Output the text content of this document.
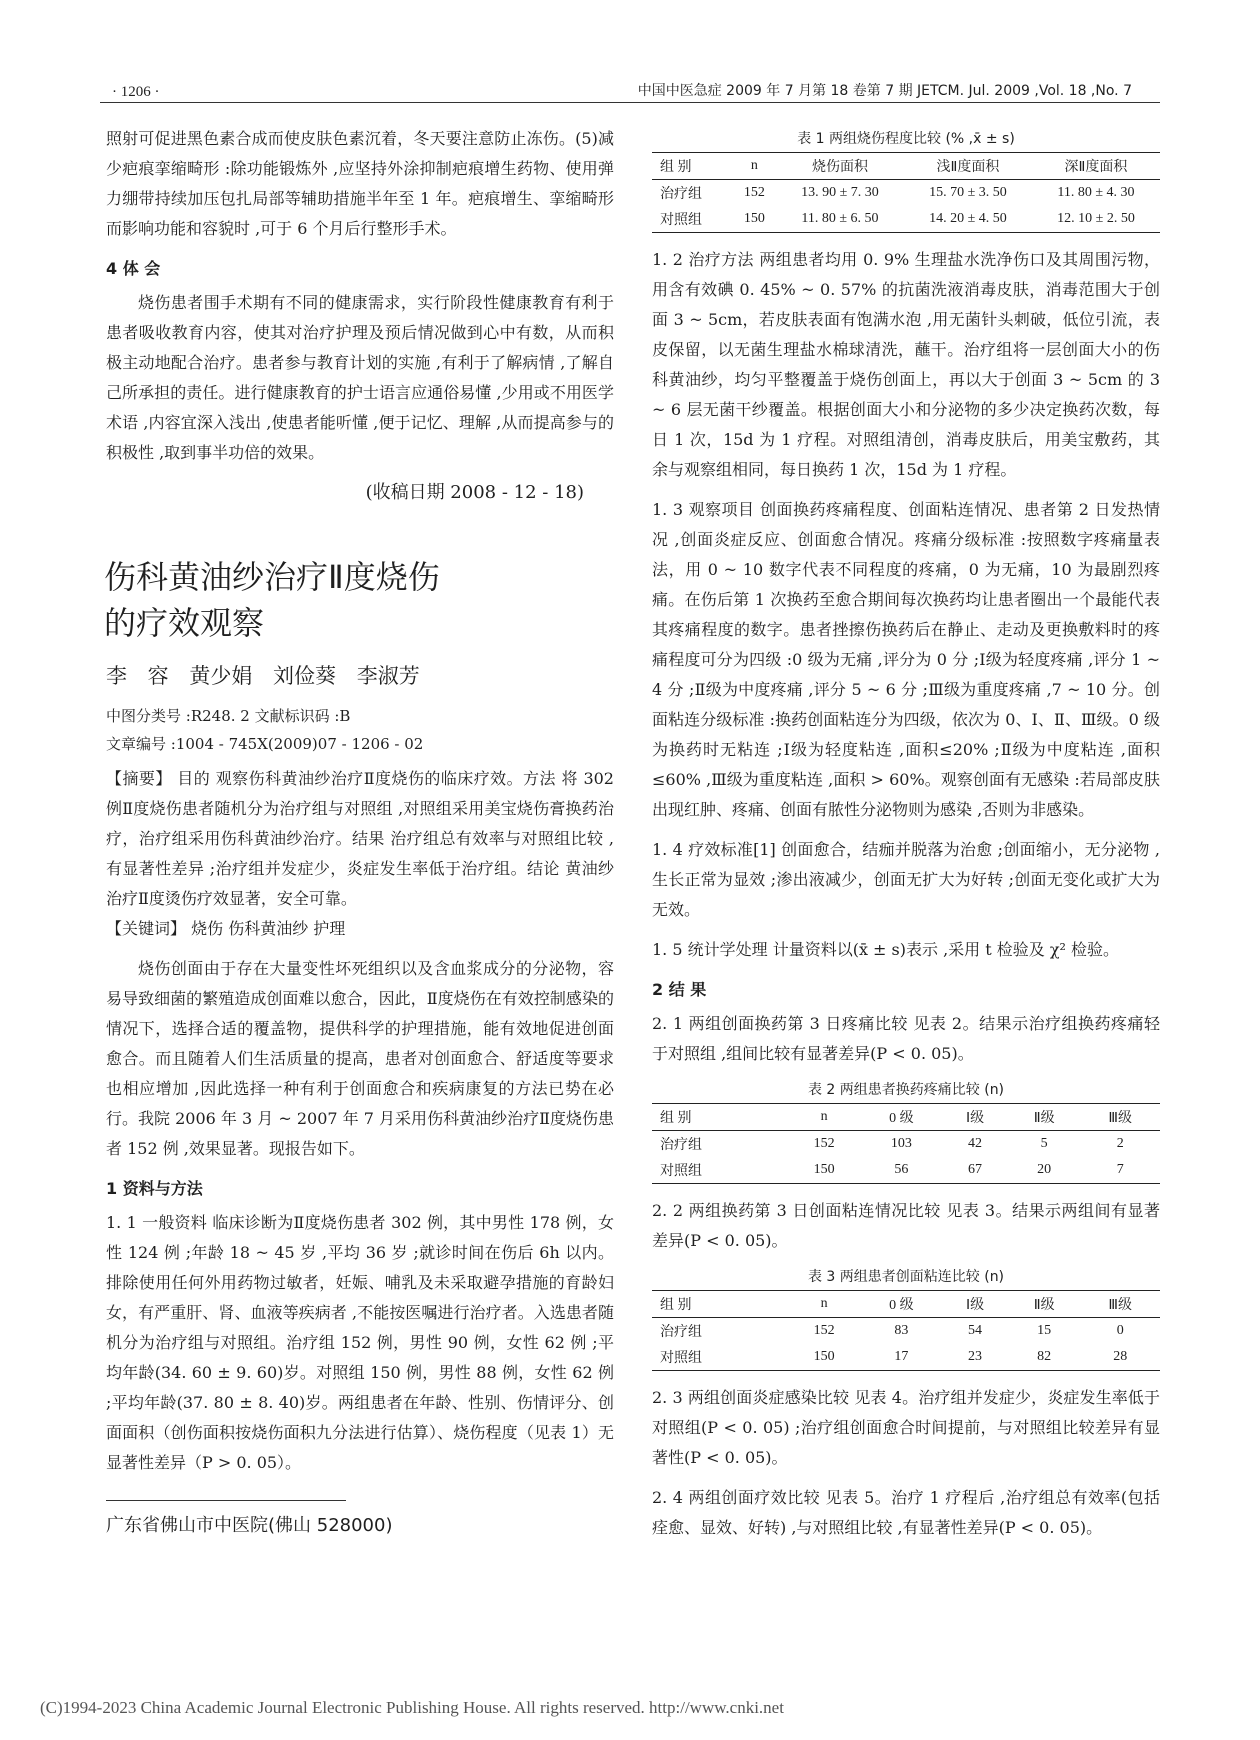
· 1206 ·	中国中医急症 2009 年 7 月第 18 卷第 7 期 JETCM. Jul. 2009 ,Vol. 18 ,No. 7

照射可促进黑色素合成而使皮肤色素沉着，冬天要注意防止冻伤。(5)减少疤痕挛缩畸形 :除功能锻炼外 ,应坚持外涂抑制疤痕增生药物、使用弹力绷带持续加压包扎局部等辅助措施半年至 1 年。疤痕增生、挛缩畸形而影响功能和容貌时 ,可于 6 个月后行整形手术。

4 体 会

烧伤患者围手术期有不同的健康需求，实行阶段性健康教育有利于患者吸收教育内容，使其对治疗护理及预后情况做到心中有数，从而积极主动地配合治疗。患者参与教育计划的实施 ,有利于了解病情 ,了解自己所承担的责任。进行健康教育的护士语言应通俗易懂 ,少用或不用医学术语 ,内容宜深入浅出 ,使患者能听懂 ,便于记忆、理解 ,从而提高参与的积极性 ,取到事半功倍的效果。

(收稿日期 2008 - 12 - 18)
伤科黄油纱治疗Ⅱ度烧伤
的疗效观察
李 容 黄少娟 刘俭葵 李淑芳

中图分类号 :R248. 2 文献标识码 :B

文章编号 :1004 - 745X(2009)07 - 1206 - 02

【摘要】 目的 观察伤科黄油纱治疗Ⅱ度烧伤的临床疗效。方法 将 302 例Ⅱ度烧伤患者随机分为治疗组与对照组 ,对照组采用美宝烧伤膏换药治疗，治疗组采用伤科黄油纱治疗。结果 治疗组总有效率与对照组比较 ,有显著性差异 ;治疗组并发症少，炎症发生率低于治疗组。结论 黄油纱治疗Ⅱ度烫伤疗效显著，安全可靠。

【关键词】 烧伤 伤科黄油纱 护理

烧伤创面由于存在大量变性坏死组织以及含血浆成分的分泌物，容易导致细菌的繁殖造成创面难以愈合，因此，Ⅱ度烧伤在有效控制感染的情况下，选择合适的覆盖物，提供科学的护理措施，能有效地促进创面愈合。而且随着人们生活质量的提高，患者对创面愈合、舒适度等要求也相应增加 ,因此选择一种有利于创面愈合和疾病康复的方法已势在必行。我院 2006 年 3 月 ~ 2007 年 7 月采用伤科黄油纱治疗Ⅱ度烧伤患者 152 例 ,效果显著。现报告如下。

1 资料与方法

1. 1 一般资料 临床诊断为Ⅱ度烧伤患者 302 例，其中男性 178 例，女性 124 例 ;年龄 18 ~ 45 岁 ,平均 36 岁 ;就诊时间在伤后 6h 以内。排除使用任何外用药物过敏者，妊娠、哺乳及未采取避孕措施的育龄妇女，有严重肝、肾、血液等疾病者 ,不能按医嘱进行治疗者。入选患者随机分为治疗组与对照组。治疗组 152 例，男性 90 例，女性 62 例 ;平均年龄(34. 60 ± 9. 60)岁。对照组 150 例，男性 88 例，女性 62 例 ;平均年龄(37. 80 ± 8. 40)岁。两组患者在年龄、性别、伤情评分、创面面积（创伤面积按烧伤面积九分法进行估算）、烧伤程度（见表 1）无显著性差异（P > 0. 05）。

广东省佛山市中医院(佛山 528000)

表 1 两组烧伤程度比较 (% ,x̄ ± s)
组 别	n	烧伤面积	浅Ⅱ度面积	深Ⅱ度面积
治疗组	152	13. 90 ± 7. 30	15. 70 ± 3. 50	11. 80 ± 4. 30
对照组	150	11. 80 ± 6. 50	14. 20 ± 4. 50	12. 10 ± 2. 50

1. 2 治疗方法 两组患者均用 0. 9% 生理盐水洗净伤口及其周围污物，用含有效碘 0. 45% ~ 0. 57% 的抗菌洗液消毒皮肤，消毒范围大于创面 3 ~ 5cm，若皮肤表面有饱满水泡 ,用无菌针头刺破，低位引流，表皮保留，以无菌生理盐水棉球清洗，蘸干。治疗组将一层创面大小的伤科黄油纱，均匀平整覆盖于烧伤创面上，再以大于创面 3 ~ 5cm 的 3 ~ 6 层无菌干纱覆盖。根据创面大小和分泌物的多少决定换药次数，每日 1 次，15d 为 1 疗程。对照组清创，消毒皮肤后，用美宝敷药，其余与观察组相同，每日换药 1 次，15d 为 1 疗程。

1. 3 观察项目 创面换药疼痛程度、创面粘连情况、患者第 2 日发热情况 ,创面炎症反应、创面愈合情况。疼痛分级标准 :按照数字疼痛量表法，用 0 ~ 10 数字代表不同程度的疼痛，0 为无痛，10 为最剧烈疼痛。在伤后第 1 次换药至愈合期间每次换药均让患者圈出一个最能代表其疼痛程度的数字。患者挫擦伤换药后在静止、走动及更换敷料时的疼痛程度可分为四级 :0 级为无痛 ,评分为 0 分 ;Ⅰ级为轻度疼痛 ,评分 1 ~ 4 分 ;Ⅱ级为中度疼痛 ,评分 5 ~ 6 分 ;Ⅲ级为重度疼痛 ,7 ~ 10 分。创面粘连分级标准 :换药创面粘连分为四级，依次为 0、Ⅰ、Ⅱ、Ⅲ级。0 级为换药时无粘连 ;Ⅰ级为轻度粘连 ,面积≤20% ;Ⅱ级为中度粘连 ,面积≤60% ,Ⅲ级为重度粘连 ,面积 > 60%。观察创面有无感染 :若局部皮肤出现红肿、疼痛、创面有脓性分泌物则为感染 ,否则为非感染。

1. 4 疗效标准[1] 创面愈合，结痂并脱落为治愈 ;创面缩小，无分泌物 ,生长正常为显效 ;渗出液减少，创面无扩大为好转 ;创面无变化或扩大为无效。

1. 5 统计学处理 计量资料以(x̄ ± s)表示 ,采用 t 检验及 χ² 检验。

2 结 果

2. 1 两组创面换药第 3 日疼痛比较 见表 2。结果示治疗组换药疼痛轻于对照组 ,组间比较有显著差异(P < 0. 05)。

表 2 两组患者换药疼痛比较 (n)
组 别	n	0 级	Ⅰ级	Ⅱ级	Ⅲ级
治疗组	152	103	42	5	2
对照组	150	56	67	20	7

2. 2 两组换药第 3 日创面粘连情况比较 见表 3。结果示两组间有显著差异(P < 0. 05)。

表 3 两组患者创面粘连比较 (n)
组 别	n	0 级	Ⅰ级	Ⅱ级	Ⅲ级
治疗组	152	83	54	15	0
对照组	150	17	23	82	28

2. 3 两组创面炎症感染比较 见表 4。治疗组并发症少，炎症发生率低于对照组(P < 0. 05) ;治疗组创面愈合时间提前，与对照组比较差异有显著性(P < 0. 05)。

2. 4 两组创面疗效比较 见表 5。治疗 1 疗程后 ,治疗组总有效率(包括痊愈、显效、好转) ,与对照组比较 ,有显著性差异(P < 0. 05)。

(C)1994-2023 China Academic Journal Electronic Publishing House. All rights reserved. http://www.cnki.net
